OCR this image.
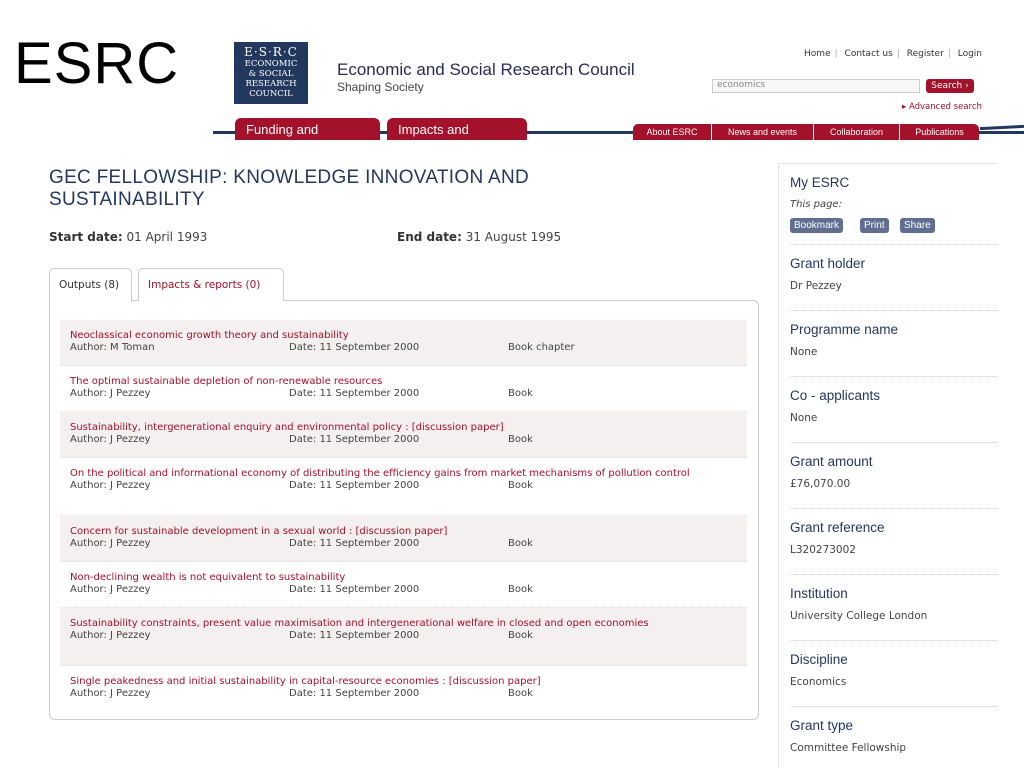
ESRC	E·S·R·C
ECONOMIC
& SOCIAL
RESEARCH
COUNCIL
Economic and Social Research Council
Shaping Society
Home | Contact us | Register | Login
economics	Search ›
▸ Advanced search
Funding and guidance
Impacts and findings
About ESRC	News and events	Collaboration	Publications
GEC FELLOWSHIP: KNOWLEDGE INNOVATION AND SUSTAINABILITY
Start date: 01 April 1993	End date: 31 August 1995
Outputs (8)	Impacts & reports (0)
Neoclassical economic growth theory and sustainability
Author: M Toman	Date: 11 September 2000	Book chapter
The optimal sustainable depletion of non-renewable resources
Author: J Pezzey	Date: 11 September 2000	Book
Sustainability, intergenerational enquiry and environmental policy : [discussion paper]
Author: J Pezzey	Date: 11 September 2000	Book
On the political and informational economy of distributing the efficiency gains from market mechanisms of pollution control
Author: J Pezzey	Date: 11 September 2000	Book
Concern for sustainable development in a sexual world : [discussion paper]
Author: J Pezzey	Date: 11 September 2000	Book
Non-declining wealth is not equivalent to sustainability
Author: J Pezzey	Date: 11 September 2000	Book
Sustainability constraints, present value maximisation and intergenerational welfare in closed and open economies
Author: J Pezzey	Date: 11 September 2000	Book
Single peakedness and initial sustainability in capital-resource economies : [discussion paper]
Author: J Pezzey	Date: 11 September 2000	Book
My ESRC
This page:
Bookmark	Print	Share
Grant holder
Dr Pezzey
Programme name
None
Co - applicants
None
Grant amount
£76,070.00
Grant reference
L320273002
Institution
University College London
Discipline
Economics
Grant type
Committee Fellowship
